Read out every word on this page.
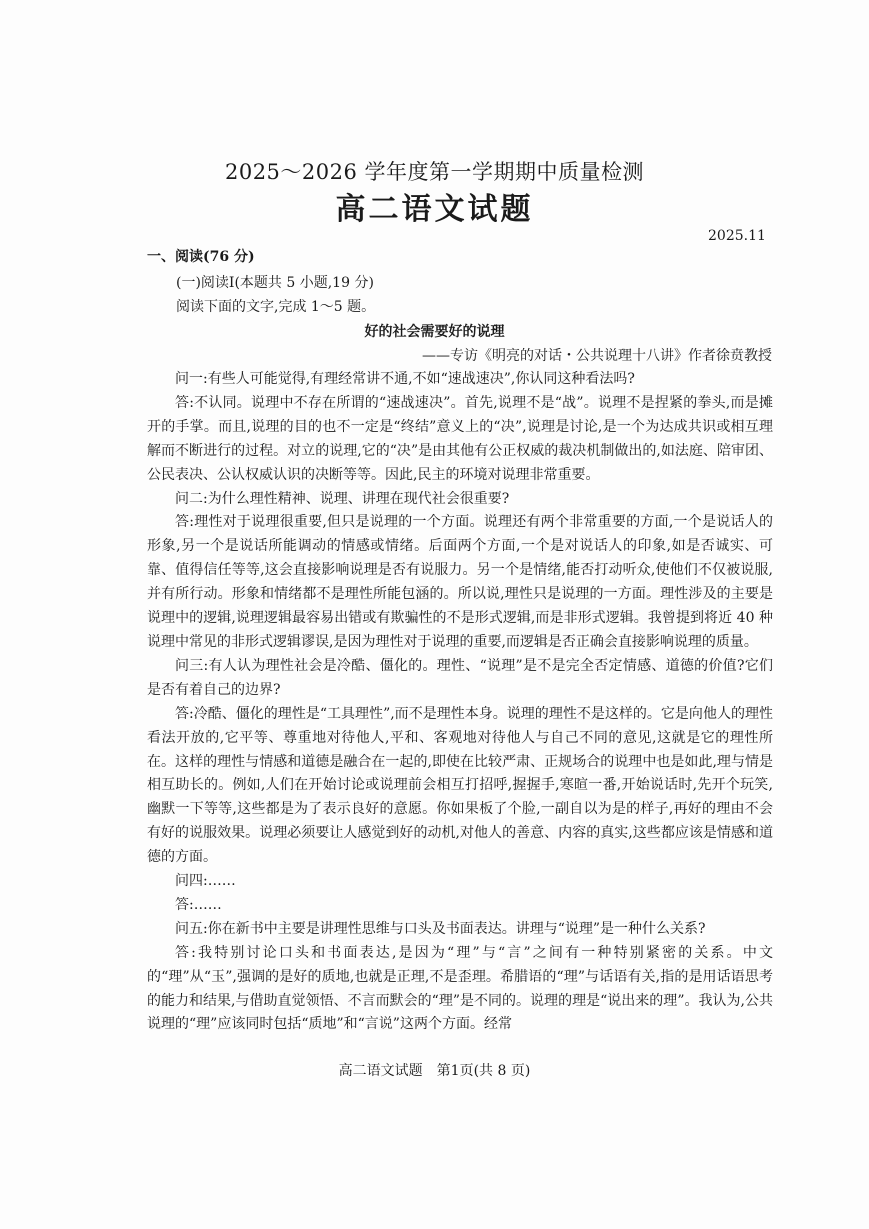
2025～2026 学年度第一学期期中质量检测
高二语文试题
2025.11
一、阅读(76 分)
(一)阅读Ⅰ(本题共 5 小题,19 分)
阅读下面的文字,完成 1～5 题。
好的社会需要好的说理
——专访《明亮的对话・公共说理十八讲》作者徐贲教授

问一:有些人可能觉得,有理经常讲不通,不如“速战速决”,你认同这种看法吗?

答:不认同。说理中不存在所谓的“速战速决”。首先,说理不是“战”。说理不是捏紧的拳头,而是摊开的手掌。而且,说理的目的也不一定是“终结”意义上的“决”,说理是讨论,是一个为达成共识或相互理解而不断进行的过程。对立的说理,它的“决”是由其他有公正权威的裁决机制做出的,如法庭、陪审团、公民表决、公认权威认识的决断等等。因此,民主的环境对说理非常重要。

问二:为什么理性精神、说理、讲理在现代社会很重要?

答:理性对于说理很重要,但只是说理的一个方面。说理还有两个非常重要的方面,一个是说话人的形象,另一个是说话所能调动的情感或情绪。后面两个方面,一个是对说话人的印象,如是否诚实、可靠、值得信任等等,这会直接影响说理是否有说服力。另一个是情绪,能否打动听众,使他们不仅被说服,并有所行动。形象和情绪都不是理性所能包涵的。所以说,理性只是说理的一方面。理性涉及的主要是说理中的逻辑,说理逻辑最容易出错或有欺骗性的不是形式逻辑,而是非形式逻辑。我曾提到将近 40 种说理中常见的非形式逻辑谬误,是因为理性对于说理的重要,而逻辑是否正确会直接影响说理的质量。

问三:有人认为理性社会是冷酷、僵化的。理性、“说理”是不是完全否定情感、道德的价值?它们是否有着自己的边界?

答:冷酷、僵化的理性是“工具理性”,而不是理性本身。说理的理性不是这样的。它是向他人的理性看法开放的,它平等、尊重地对待他人,平和、客观地对待他人与自己不同的意见,这就是它的理性所在。这样的理性与情感和道德是融合在一起的,即使在比较严肃、正规场合的说理中也是如此,理与情是相互助长的。例如,人们在开始讨论或说理前会相互打招呼,握握手,寒暄一番,开始说话时,先开个玩笑,幽默一下等等,这些都是为了表示良好的意愿。你如果板了个脸,一副自以为是的样子,再好的理由不会有好的说服效果。说理必须要让人感觉到好的动机,对他人的善意、内容的真实,这些都应该是情感和道德的方面。

问四:……

答:……

问五:你在新书中主要是讲理性思维与口头及书面表达。讲理与“说理”是一种什么关系?

答:我特别讨论口头和书面表达,是因为“理”与“言”之间有一种特别紧密的关系。中文的“理”从“玉”,强调的是好的质地,也就是正理,不是歪理。希腊语的“理”与话语有关,指的是用话语思考的能力和结果,与借助直觉领悟、不言而默会的“理”是不同的。说理的理是“说出来的理”。我认为,公共说理的“理”应该同时包括“质地”和“言说”这两个方面。经常

高二语文试题　第1页(共 8 页)
